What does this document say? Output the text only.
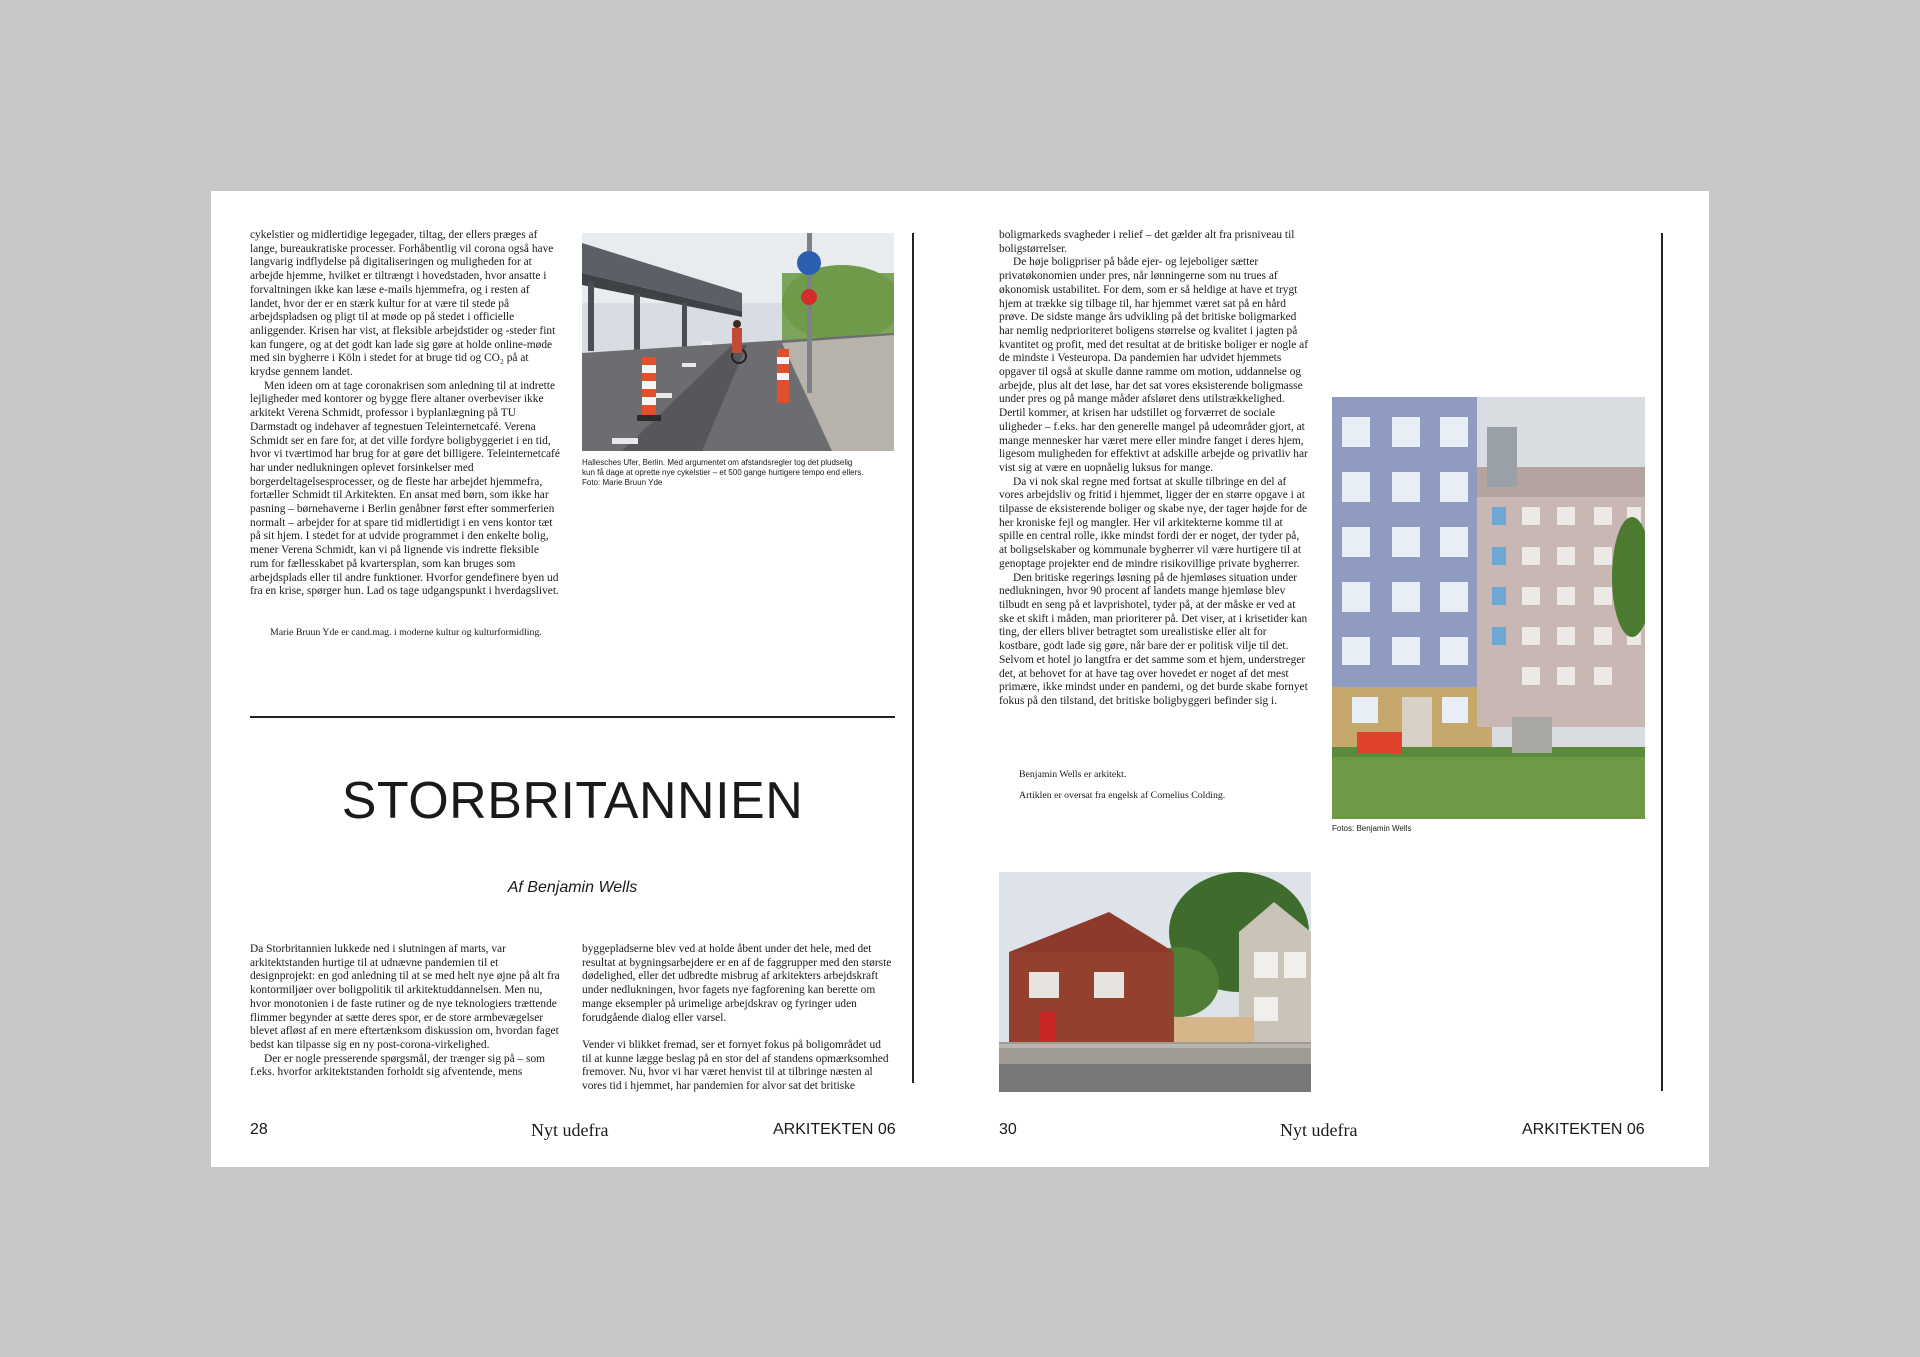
cykelstier og midlertidige legegader, tiltag, der ellers præges af lange, bureaukratiske processer. Forhåbentlig vil corona også have langvarig indflydelse på digitaliseringen og muligheden for at arbejde hjemme, hvilket er tiltrængt i hovedstaden, hvor ansatte i forvaltningen ikke kan læse e-mails hjemmefra, og i resten af landet, hvor der er en stærk kultur for at være til stede på arbejdspladsen og pligt til at møde op på stedet i officielle anliggender. Krisen har vist, at fleksible arbejdstider og -steder fint kan fungere, og at det godt kan lade sig gøre at holde online-møde med sin bygherre i Köln i stedet for at bruge tid og CO₂ på at krydse gennem landet.

Men ideen om at tage coronakrisen som anledning til at indrette lejligheder med kontorer og bygge flere altaner overbeviser ikke arkitekt Verena Schmidt, professor i byplanlægning på TU Darmstadt og indehaver af tegnestuen Teleinternetcafé. Verena Schmidt ser en fare for, at det ville fordyre boligbyggeriet i en tid, hvor vi tværtimod har brug for at gøre det billigere. Teleinternetcafé har under nedlukningen oplevet forsinkelser med borgerdeltagelsesprocesser, og de fleste har arbejdet hjemmefra, fortæller Schmidt til Arkitekten. En ansat med børn, som ikke har pasning – børnehaverne i Berlin genåbner først efter sommerferien normalt – arbejder for at spare tid midlertidigt i en vens kontor tæt på sit hjem. I stedet for at udvide programmet i den enkelte bolig, mener Verena Schmidt, kan vi på lignende vis indrette fleksible rum for fællesskabet på kvartersplan, som kan bruges som arbejdsplads eller til andre funktioner. Hvorfor gendefinere byen ud fra en krise, spørger hun. Lad os tage udgangspunkt i hverdagslivet.

Marie Bruun Yde er cand.mag. i moderne kultur og kulturformidling.

Hallesches Ufer, Berlin. Med argumentet om afstandsregler tog det pludselig
kun få dage at oprette nye cykelstier – et 500 gange hurtigere tempo end ellers.
Foto: Marie Bruun Yde
STORBRITANNIEN

Af Benjamin Wells

Da Storbritannien lukkede ned i slutningen af marts, var arkitektstanden hurtige til at udnævne pandemien til et designprojekt: en god anledning til at se med helt nye øjne på alt fra kontormiljøer over boligpolitik til arkitektuddannelsen. Men nu, hvor monotonien i de faste rutiner og de nye teknologiers trættende flimmer begynder at sætte deres spor, er de store armbevægelser blevet afløst af en mere eftertænksom diskussion om, hvordan faget bedst kan tilpasse sig en ny post-corona-virkelighed.

Der er nogle presserende spørgsmål, der trænger sig på – som f.eks. hvorfor arkitektstanden forholdt sig afventende, mens

byggepladserne blev ved at holde åbent under det hele, med det resultat at bygningsarbejdere er en af de faggrupper med den største dødelighed, eller det udbredte misbrug af arkitekters arbejdskraft under nedlukningen, hvor fagets nye fagforening kan berette om mange eksempler på urimelige arbejdskrav og fyringer uden forudgående dialog eller varsel.

Vender vi blikket fremad, ser et fornyet fokus på boligområdet ud til at kunne lægge beslag på en stor del af standens opmærksomhed fremover. Nu, hvor vi har været henvist til at tilbringe næsten al vores tid i hjemmet, har pandemien for alvor sat det britiske

28	Nyt udefra	ARKITEKTEN 06

boligmarkeds svagheder i relief – det gælder alt fra prisniveau til boligstørrelser.

De høje boligpriser på både ejer- og lejeboliger sætter privatøkonomien under pres, når lønningerne som nu trues af økonomisk ustabilitet. For dem, som er så heldige at have et trygt hjem at trække sig tilbage til, har hjemmet været sat på en hård prøve. De sidste mange års udvikling på det britiske boligmarked har nemlig nedprioriteret boligens størrelse og kvalitet i jagten på kvantitet og profit, med det resultat at de britiske boliger er nogle af de mindste i Vesteuropa. Da pandemien har udvidet hjemmets opgaver til også at skulle danne ramme om motion, uddannelse og arbejde, plus alt det løse, har det sat vores eksisterende boligmasse under pres og på mange måder afsløret dens utilstrækkelighed. Dertil kommer, at krisen har udstillet og forværret de sociale uligheder – f.eks. har den generelle mangel på udeområder gjort, at mange mennesker har været mere eller mindre fanget i deres hjem, ligesom muligheden for effektivt at adskille arbejde og privatliv har vist sig at være en uopnåelig luksus for mange.

Da vi nok skal regne med fortsat at skulle tilbringe en del af vores arbejdsliv og fritid i hjemmet, ligger der en større opgave i at tilpasse de eksisterende boliger og skabe nye, der tager højde for de her kroniske fejl og mangler. Her vil arkitekterne komme til at spille en central rolle, ikke mindst fordi der er noget, der tyder på, at boligselskaber og kommunale bygherrer vil være hurtigere til at genoptage projekter end de mindre risikovillige private bygherrer.

Den britiske regerings løsning på de hjemløses situation under nedlukningen, hvor 90 procent af landets mange hjemløse blev tilbudt en seng på et lavprishotel, tyder på, at der måske er ved at ske et skift i måden, man prioriterer på. Det viser, at i krisetider kan ting, der ellers bliver betragtet som urealistiske eller alt for kostbare, godt lade sig gøre, når bare der er politisk vilje til det. Selvom et hotel jo langtfra er det samme som et hjem, understreger det, at behovet for at have tag over hovedet er noget af det mest primære, ikke mindst under en pandemi, og det burde skabe fornyet fokus på den tilstand, det britiske boligbyggeri befinder sig i.

Benjamin Wells er arkitekt.

Artiklen er oversat fra engelsk af Cornelius Colding.

Fotos: Benjamin Wells

30	Nyt udefra	ARKITEKTEN 06
